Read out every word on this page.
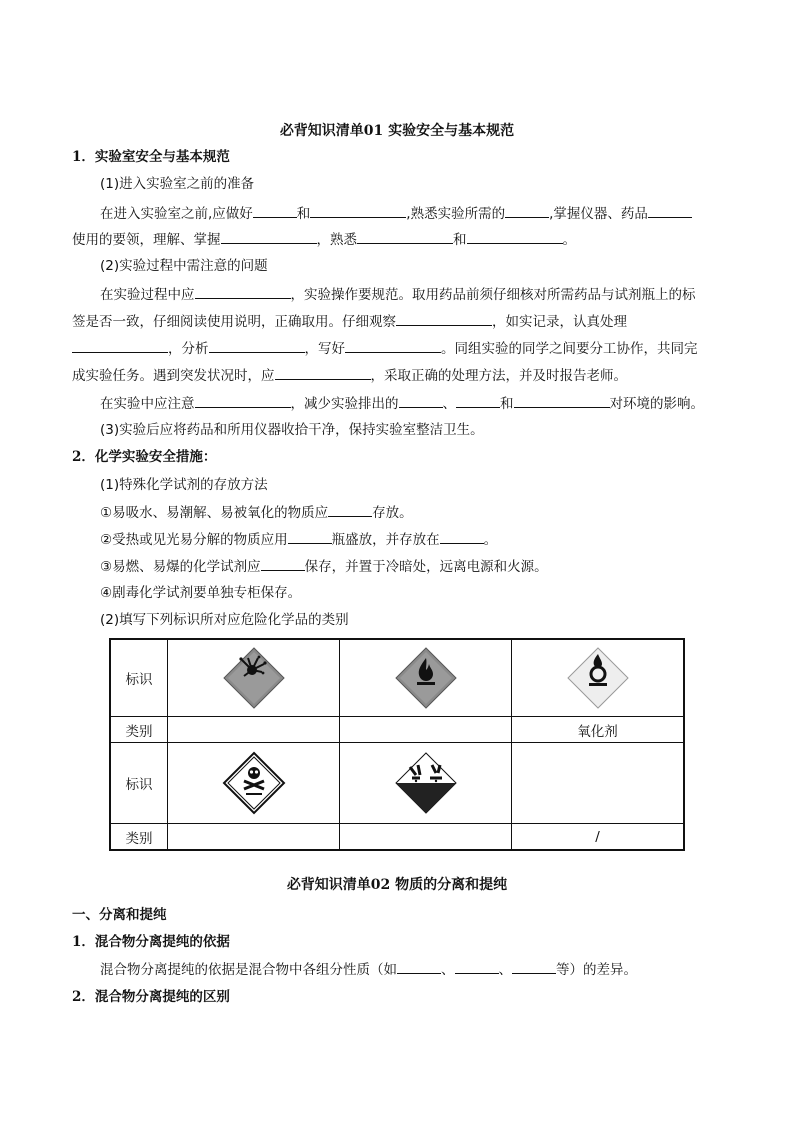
必背知识清单01 实验安全与基本规范
1．实验室安全与基本规范
(1)进入实验室之前的准备
在进入实验室之前,应做好	和	,熟悉实验所需的	,掌握仪器、药品
使用的要领，理解、掌握	，熟悉	和	。
(2)实验过程中需注意的问题
在实验过程中应	，实验操作要规范。取用药品前须仔细核对所需药品与试剂瓶上的标
签是否一致，仔细阅读使用说明，正确取用。仔细观察	，如实记录，认真处理
，分析	，写好	。同组实验的同学之间要分工协作，共同完
成实验任务。遇到突发状况时，应	，采取正确的处理方法，并及时报告老师。
在实验中应注意	，减少实验排出的	、	和	对环境的影响。
(3)实验后应将药品和所用仪器收拾干净，保持实验室整洁卫生。
2．化学实验安全措施：
(1)特殊化学试剂的存放方法
①易吸水、易潮解、易被氧化的物质应	存放。
②受热或见光易分解的物质应用	瓶盛放，并存放在	。
③易燃、易爆的化学试剂应	保存，并置于冷暗处，远离电源和火源。
④剧毒化学试剂要单独专柜保存。
(2)填写下列标识所对应危险化学品的类别
标识	

类别			氧化剂
标识	

类别			/
必背知识清单02 物质的分离和提纯
一、分离和提纯
1．混合物分离提纯的依据
混合物分离提纯的依据是混合物中各组分性质（如	、	、	等）的差异。
2．混合物分离提纯的区别
